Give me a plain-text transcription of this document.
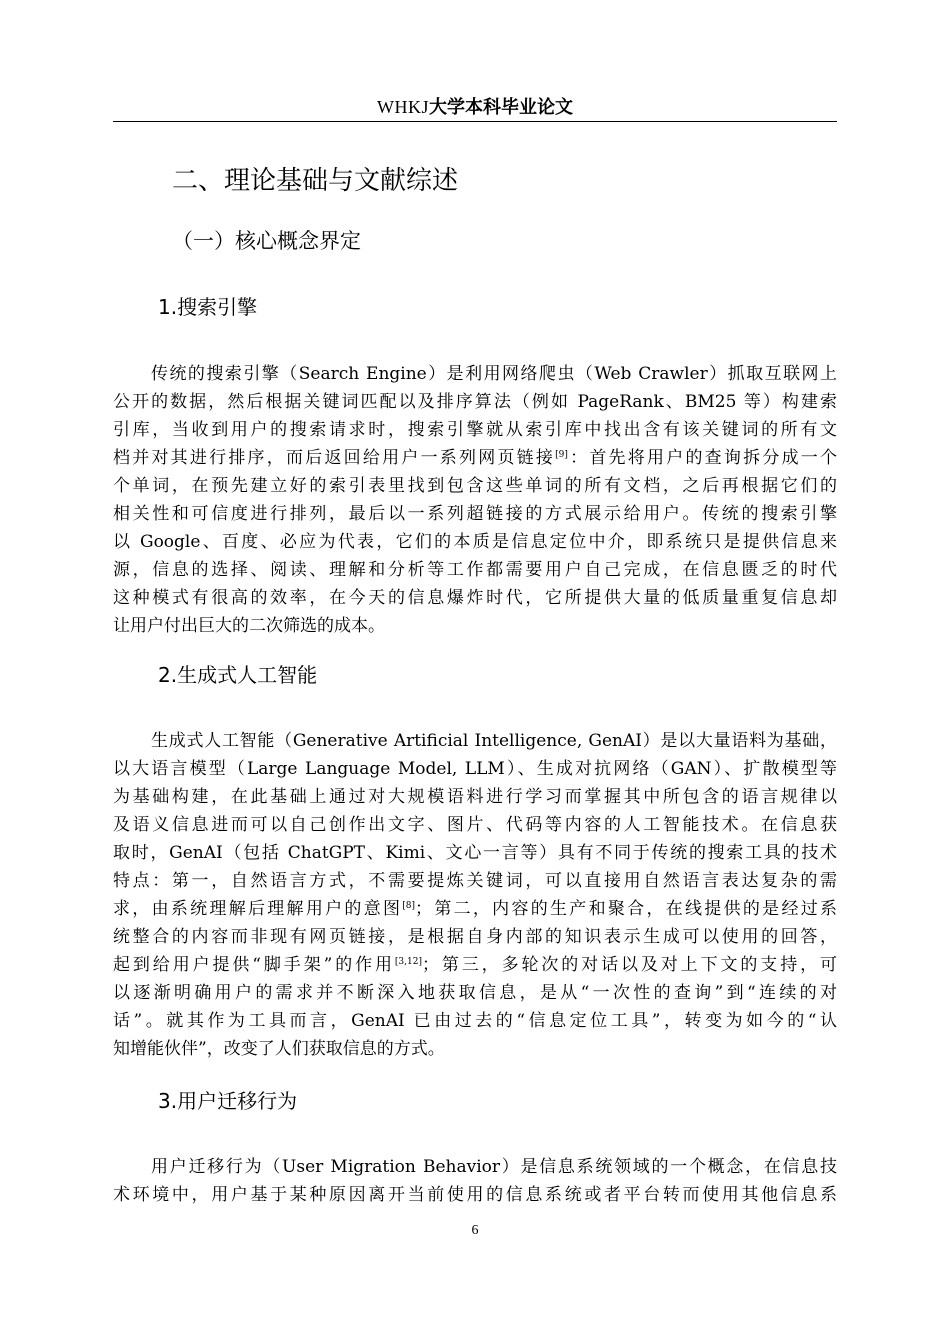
WHKJ大学本科毕业论文
二、理论基础与文献综述
（一）核心概念界定
1.搜索引擎
传统的搜索引擎（Search Engine）是利用网络爬虫（Web Crawler）抓取互联网上
公开的数据，然后根据关键词匹配以及排序算法（例如 PageRank、BM25 等）构建索
引库，当收到用户的搜索请求时，搜索引擎就从索引库中找出含有该关键词的所有文
档并对其进行排序，而后返回给用户一系列网页链接[9]：首先将用户的查询拆分成一个
个单词，在预先建立好的索引表里找到包含这些单词的所有文档，之后再根据它们的
相关性和可信度进行排列，最后以一系列超链接的方式展示给用户。传统的搜索引擎
以 Google、百度、必应为代表，它们的本质是信息定位中介，即系统只是提供信息来
源，信息的选择、阅读、理解和分析等工作都需要用户自己完成，在信息匮乏的时代
这种模式有很高的效率，在今天的信息爆炸时代，它所提供大量的低质量重复信息却
让用户付出巨大的二次筛选的成本。
2.生成式人工智能
生成式人工智能（Generative Artificial Intelligence, GenAI）是以大量语料为基础，
以大语言模型（Large Language Model, LLM）、生成对抗网络（GAN）、扩散模型等
为基础构建，在此基础上通过对大规模语料进行学习而掌握其中所包含的语言规律以
及语义信息进而可以自己创作出文字、图片、代码等内容的人工智能技术。在信息获
取时，GenAI（包括 ChatGPT、Kimi、文心一言等）具有不同于传统的搜索工具的技术
特点：第一，自然语言方式，不需要提炼关键词，可以直接用自然语言表达复杂的需
求，由系统理解后理解用户的意图[8]；第二，内容的生产和聚合，在线提供的是经过系
统整合的内容而非现有网页链接，是根据自身内部的知识表示生成可以使用的回答，
起到给用户提供“脚手架”的作用[3,12]；第三，多轮次的对话以及对上下文的支持，可
以逐渐明确用户的需求并不断深入地获取信息，是从“一次性的查询”到“连续的对
话”。就其作为工具而言，GenAI 已由过去的“信息定位工具”，转变为如今的“认
知增能伙伴”，改变了人们获取信息的方式。
3.用户迁移行为
用户迁移行为（User Migration Behavior）是信息系统领域的一个概念，在信息技
术环境中，用户基于某种原因离开当前使用的信息系统或者平台转而使用其他信息系
6
